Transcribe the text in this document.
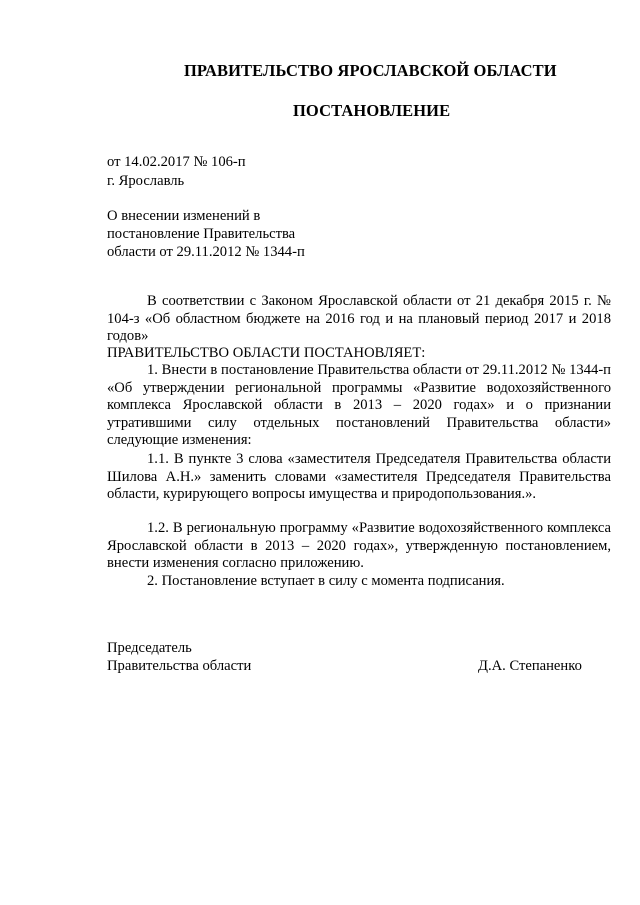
ПРАВИТЕЛЬСТВО ЯРОСЛАВСКОЙ ОБЛАСТИ
ПОСТАНОВЛЕНИЕ
от 14.02.2017 № 106-п
г. Ярославль
О внесении изменений в
постановление Правительства
области от 29.11.2012 № 1344-п

В соответствии с Законом Ярославской области от 21 декабря 2015 г. № 104-з «Об областном бюджете на 2016 год и на плановый период 2017 и 2018 годов»

ПРАВИТЕЛЬСТВО ОБЛАСТИ ПОСТАНОВЛЯЕТ:

1. Внести в постановление Правительства области от 29.11.2012 № 1344-п «Об утверждении региональной программы «Развитие водохозяйственного комплекса Ярославской области в 2013 – 2020 годах» и о признании утратившими силу отдельных постановлений Правительства области» следующие изменения:

1.1. В пункте 3 слова «заместителя Председателя Правительства области Шилова А.Н.» заменить словами «заместителя Председателя Правительства области, курирующего вопросы имущества и природопользования.».

1.2. В региональную программу «Развитие водохозяйственного комплекса Ярославской области в 2013 – 2020 годах», утвержденную постановлением, внести изменения согласно приложению.

2. Постановление вступает в силу с момента подписания.

Председатель
Правительства области	Д.А. Степаненко
